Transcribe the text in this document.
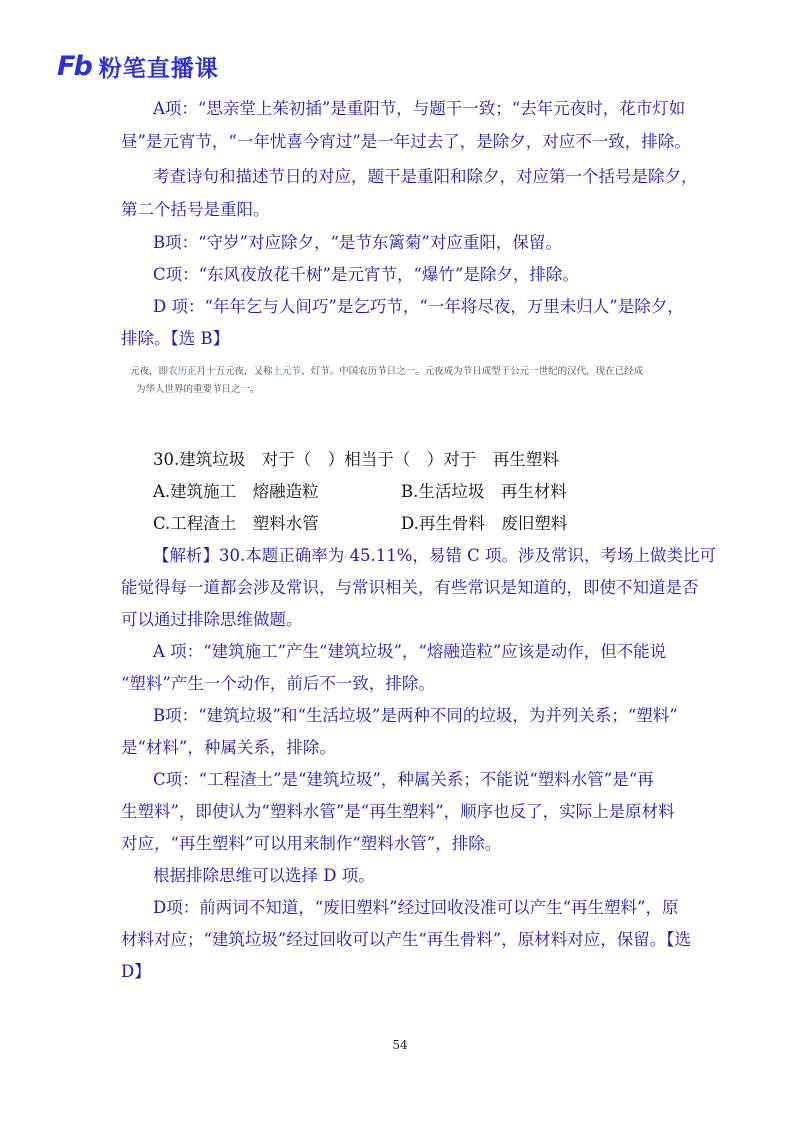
Fb 粉笔直播课
A项：“思亲堂上茱初插”是重阳节，与题干一致；“去年元夜时，花市灯如
昼”是元宵节，“一年忧喜今宵过”是一年过去了，是除夕，对应不一致，排除。
考查诗句和描述节日的对应，题干是重阳和除夕，对应第一个括号是除夕，
第二个括号是重阳。
B项：“守岁”对应除夕，“是节东篱菊”对应重阳，保留。
C项：“东风夜放花千树”是元宵节，“爆竹”是除夕，排除。
D 项：“年年乞与人间巧”是乞巧节，“一年将尽夜，万里未归人”是除夕，
排除。【选 B】
元夜，即农历正月十五元夜，又称上元节、灯节。中国农历节日之一。元夜成为节日成型于公元一世纪的汉代，现在已经成
为华人世界的重要节日之一。
30.建筑垃圾　对于（　）相当于（　）对于　再生塑料
A.建筑施工　熔融造粒	B.生活垃圾　再生材料
C.工程渣土　塑料水管	D.再生骨料　废旧塑料
【解析】30.本题正确率为 45.11%，易错 C 项。涉及常识，考场上做类比可
能觉得每一道都会涉及常识，与常识相关，有些常识是知道的，即使不知道是否
可以通过排除思维做题。
A 项：“建筑施工”产生“建筑垃圾”，“熔融造粒”应该是动作，但不能说
“塑料”产生一个动作，前后不一致，排除。
B项：“建筑垃圾”和“生活垃圾”是两种不同的垃圾，为并列关系；“塑料”
是“材料”，种属关系，排除。
C项：“工程渣土”是“建筑垃圾”，种属关系；不能说“塑料水管”是“再
生塑料”，即使认为“塑料水管”是“再生塑料”，顺序也反了，实际上是原材料
对应，“再生塑料”可以用来制作“塑料水管”，排除。
根据排除思维可以选择 D 项。
D项：前两词不知道，“废旧塑料”经过回收没准可以产生“再生塑料”，原
材料对应；“建筑垃圾”经过回收可以产生“再生骨料”，原材料对应，保留。【选
D】
54
